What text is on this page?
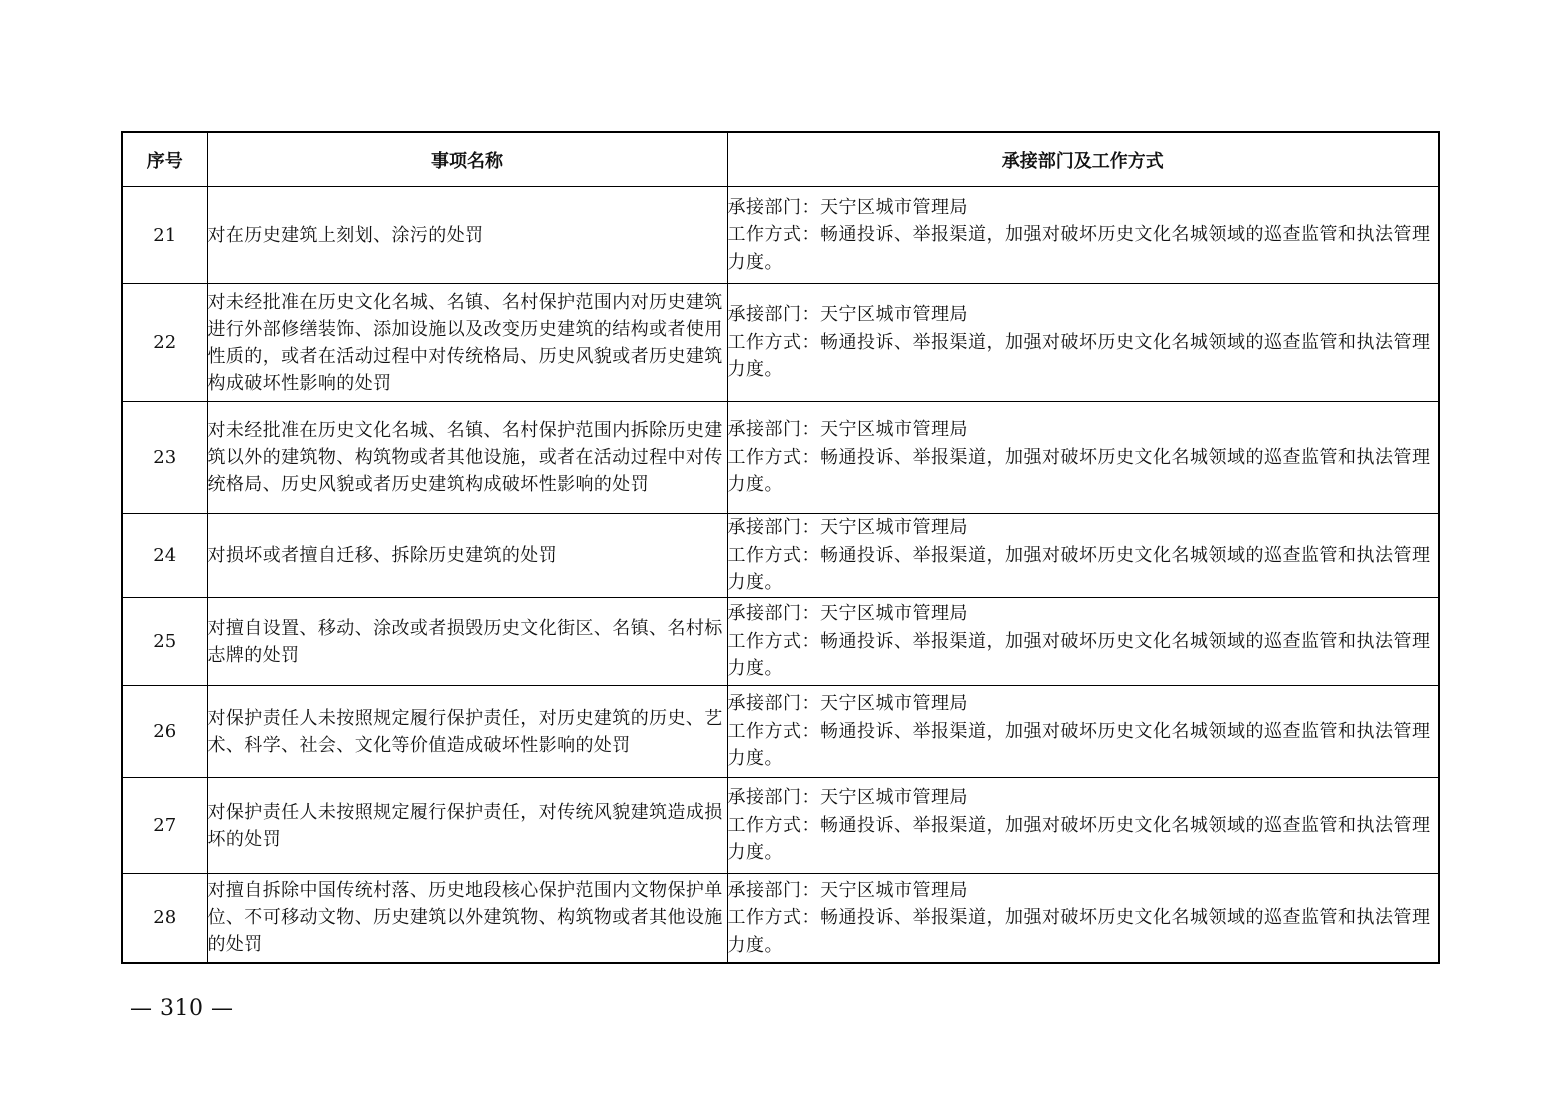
序号	事项名称	承接部门及工作方式
21	对在历史建筑上刻划、涂污的处罚	承接部门：天宁区城市管理局
工作方式：畅通投诉、举报渠道，加强对破坏历史文化名城领域的巡查监管和执法管理力度。

22	对未经批准在历史文化名城、名镇、名村保护范围内对历史建筑进行外部修缮装饰、添加设施以及改变历史建筑的结构或者使用性质的，或者在活动过程中对传统格局、历史风貌或者历史建筑构成破坏性影响的处罚	承接部门：天宁区城市管理局
工作方式：畅通投诉、举报渠道，加强对破坏历史文化名城领域的巡查监管和执法管理力度。

23	对未经批准在历史文化名城、名镇、名村保护范围内拆除历史建筑以外的建筑物、构筑物或者其他设施，或者在活动过程中对传统格局、历史风貌或者历史建筑构成破坏性影响的处罚	承接部门：天宁区城市管理局
工作方式：畅通投诉、举报渠道，加强对破坏历史文化名城领域的巡查监管和执法管理力度。

24	对损坏或者擅自迁移、拆除历史建筑的处罚	承接部门：天宁区城市管理局
工作方式：畅通投诉、举报渠道，加强对破坏历史文化名城领域的巡查监管和执法管理力度。

25	对擅自设置、移动、涂改或者损毁历史文化街区、名镇、名村标志牌的处罚	承接部门：天宁区城市管理局
工作方式：畅通投诉、举报渠道，加强对破坏历史文化名城领域的巡查监管和执法管理力度。

26	对保护责任人未按照规定履行保护责任，对历史建筑的历史、艺术、科学、社会、文化等价值造成破坏性影响的处罚	承接部门：天宁区城市管理局
工作方式：畅通投诉、举报渠道，加强对破坏历史文化名城领域的巡查监管和执法管理力度。

27	对保护责任人未按照规定履行保护责任，对传统风貌建筑造成损坏的处罚	承接部门：天宁区城市管理局
工作方式：畅通投诉、举报渠道，加强对破坏历史文化名城领域的巡查监管和执法管理力度。

28	对擅自拆除中国传统村落、历史地段核心保护范围内文物保护单位、不可移动文物、历史建筑以外建筑物、构筑物或者其他设施的处罚	承接部门：天宁区城市管理局
工作方式：畅通投诉、举报渠道，加强对破坏历史文化名城领域的巡查监管和执法管理力度。
— 310 —
